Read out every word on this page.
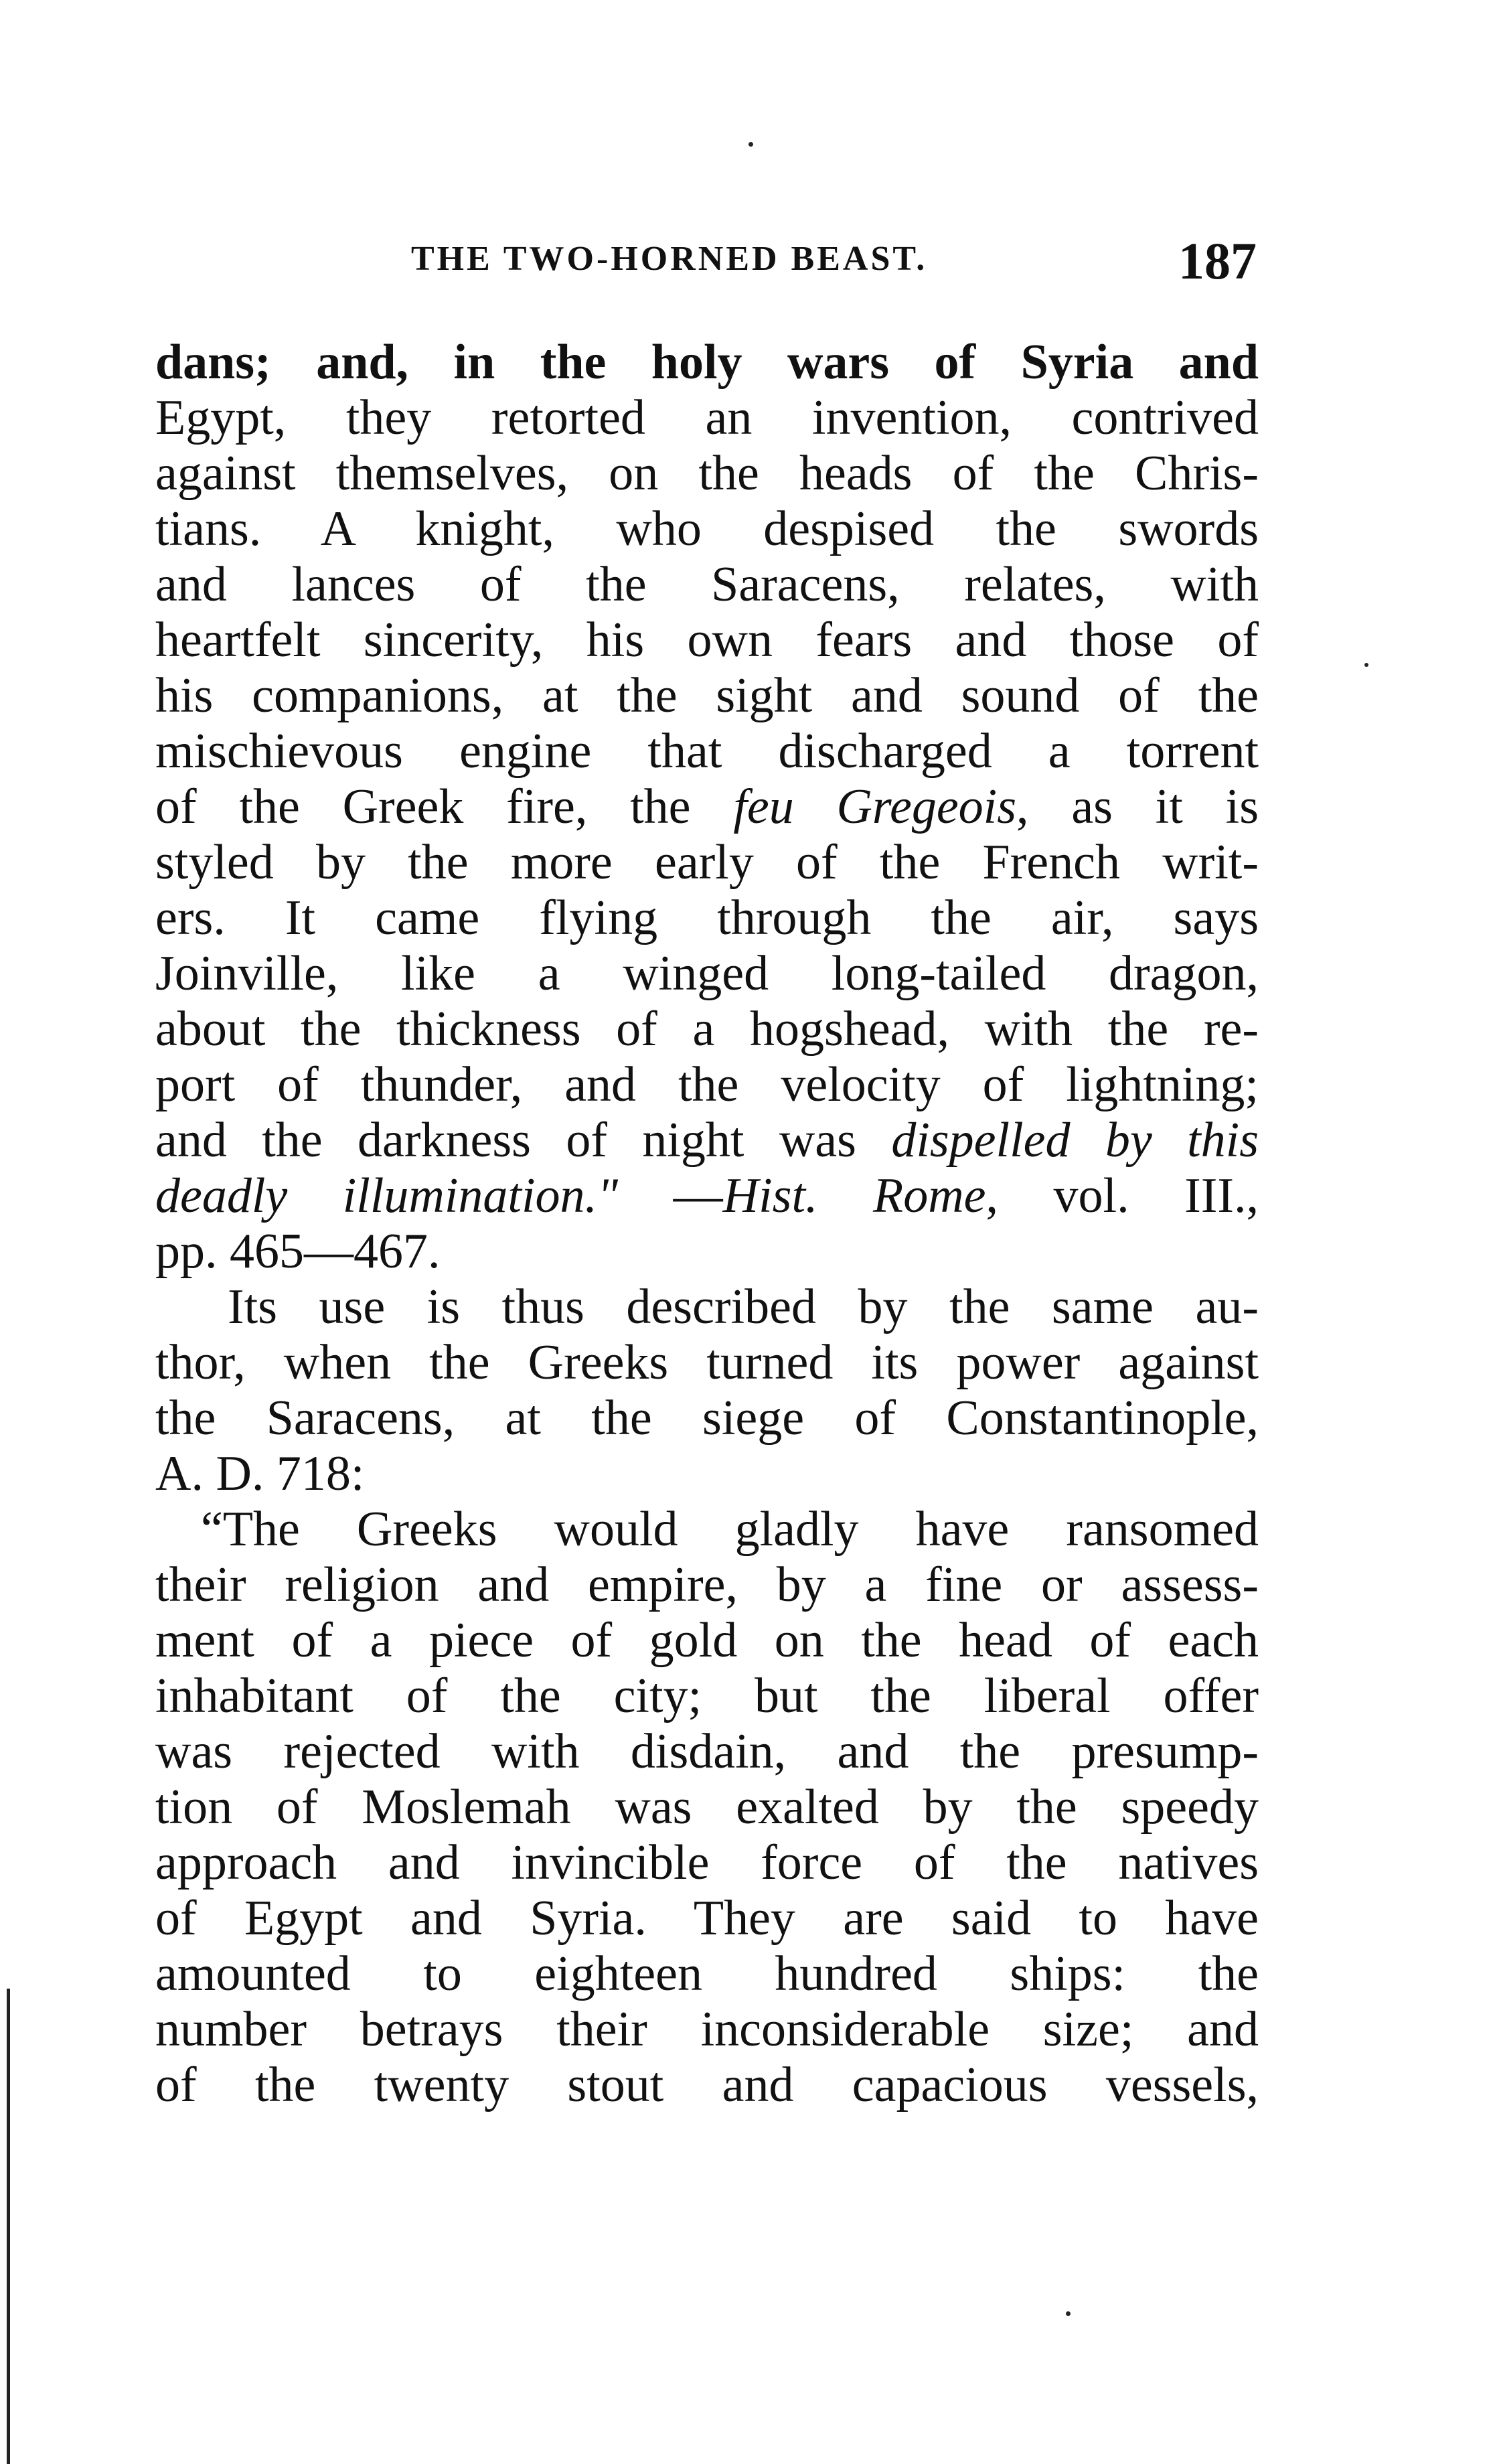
THE TWO-HORNED BEAST.	187
dans; and, in the holy wars of Syria and
Egypt, they retorted an invention, contrived
against themselves, on the heads of the Chris-
tians. A knight, who despised the swords
and lances of the Saracens, relates, with
heartfelt sincerity, his own fears and those of
his companions, at the sight and sound of the
mischievous engine that discharged a torrent
of the Greek fire, the feu Gregeois, as it is
styled by the more early of the French writ-
ers. It came flying through the air, says
Joinville, like a winged long-tailed dragon,
about the thickness of a hogshead, with the re-
port of thunder, and the velocity of lightning;
and the darkness of night was dispelled by this
deadly illumination." —Hist. Rome, vol. III.,
pp. 465—467.
Its use is thus described by the same au-
thor, when the Greeks turned its power against
the Saracens, at the siege of Constantinople,
A. D. 718:
“The Greeks would gladly have ransomed
their religion and empire, by a fine or assess-
ment of a piece of gold on the head of each
inhabitant of the city; but the liberal offer
was rejected with disdain, and the presump-
tion of Moslemah was exalted by the speedy
approach and invincible force of the natives
of Egypt and Syria. They are said to have
amounted to eighteen hundred ships: the
number betrays their inconsiderable size; and
of the twenty stout and capacious vessels,
